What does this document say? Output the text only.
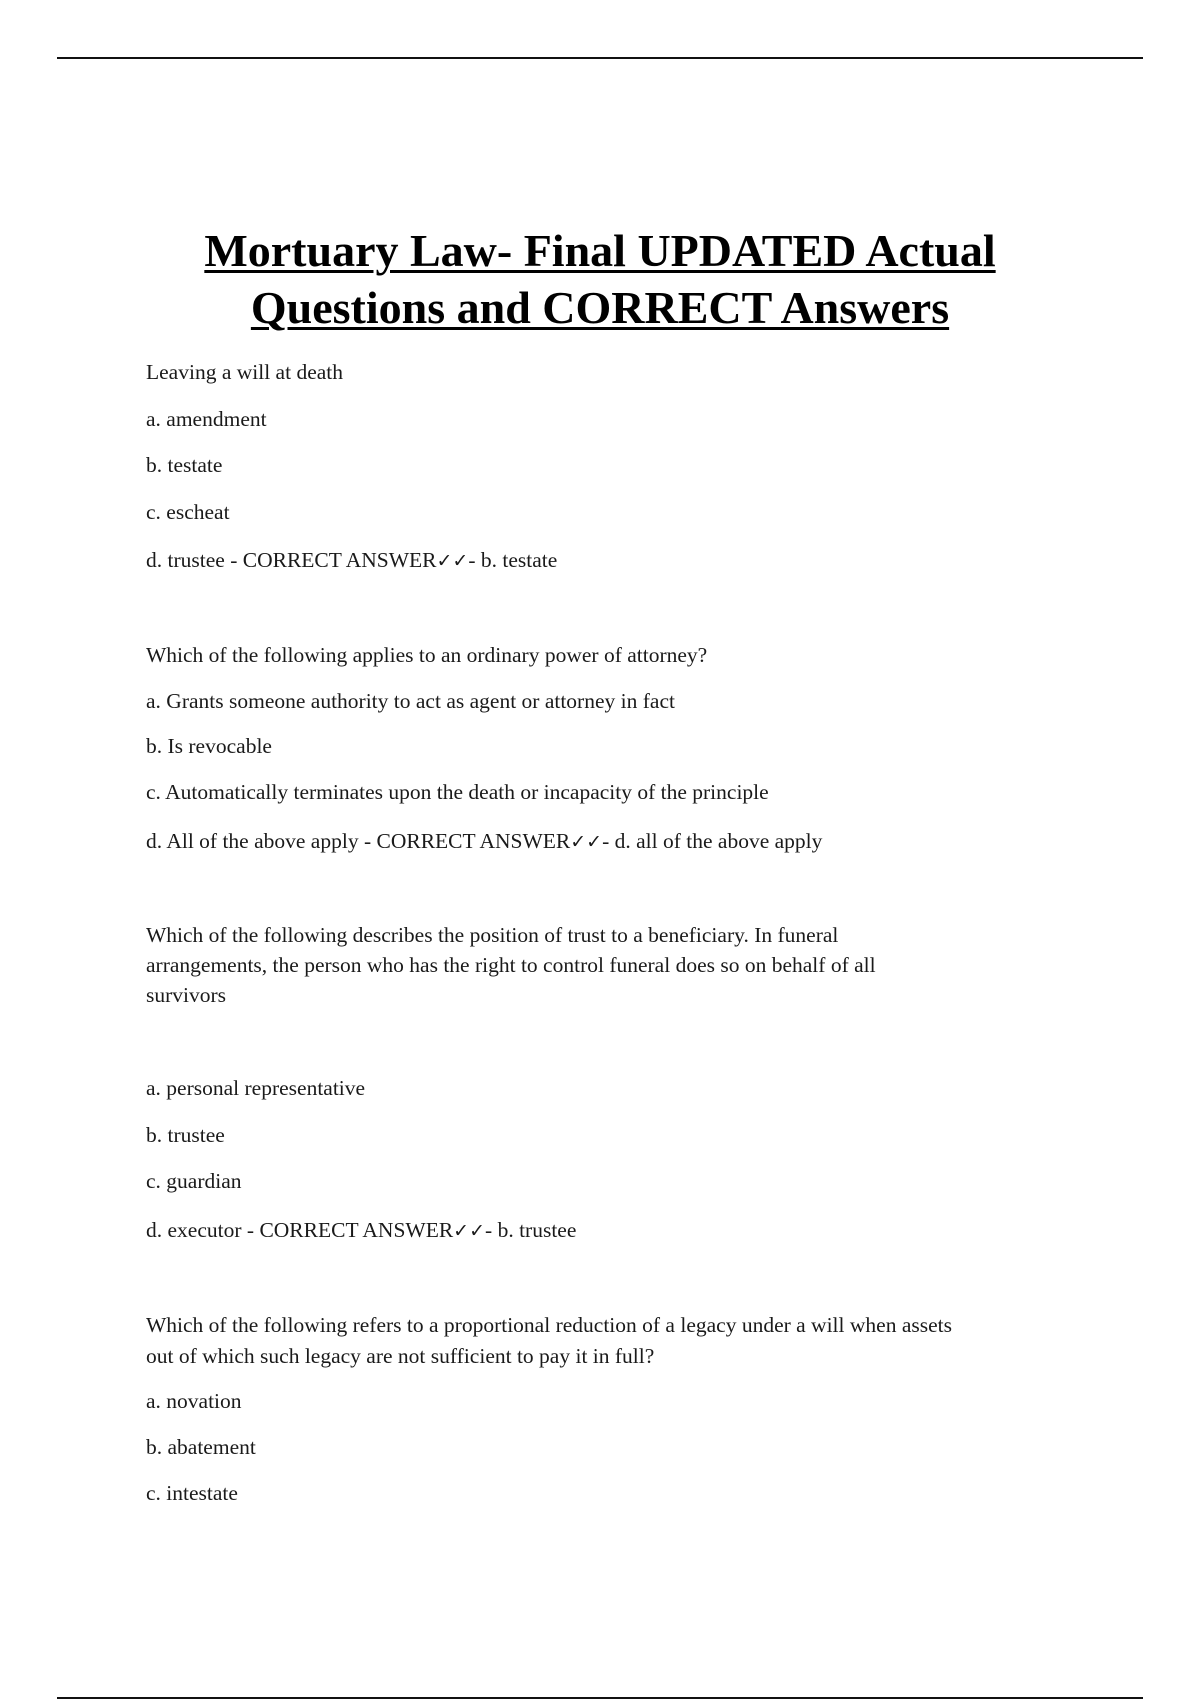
Mortuary Law- Final UPDATED Actual
Questions and CORRECT Answers

Leaving a will at death

a. amendment

b. testate

c. escheat

d. trustee - CORRECT ANSWER✓✓- b. testate

Which of the following applies to an ordinary power of attorney?

a. Grants someone authority to act as agent or attorney in fact

b. Is revocable

c. Automatically terminates upon the death or incapacity of the principle

d. All of the above apply - CORRECT ANSWER✓✓- d. all of the above apply

Which of the following describes the position of trust to a beneficiary. In funeral

arrangements, the person who has the right to control funeral does so on behalf of all

survivors

a. personal representative

b. trustee

c. guardian

d. executor - CORRECT ANSWER✓✓- b. trustee

Which of the following refers to a proportional reduction of a legacy under a will when assets

out of which such legacy are not sufficient to pay it in full?

a. novation

b. abatement

c. intestate
